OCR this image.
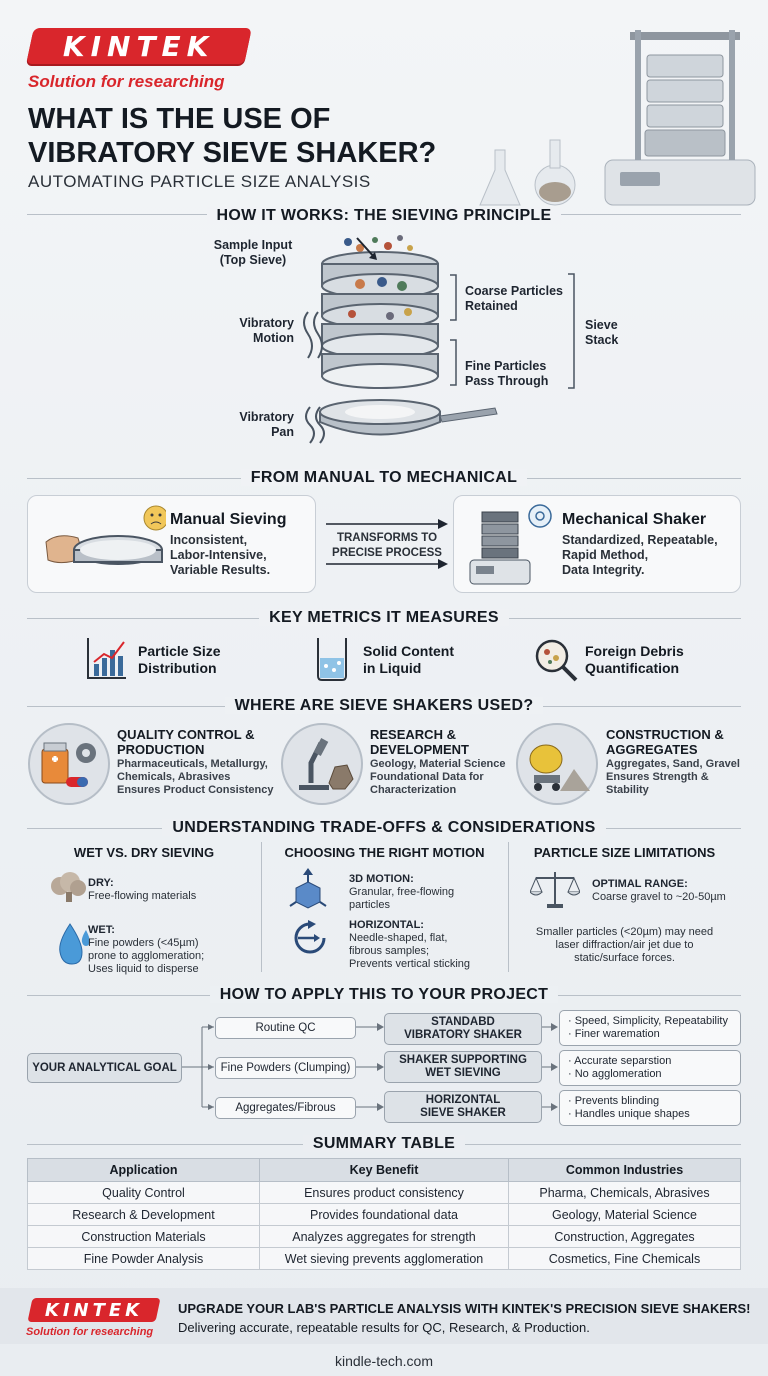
KINTEK
Solution for researching
WHAT IS THE USE OF
VIBRATORY SIEVE SHAKER?
AUTOMATING PARTICLE SIZE ANALYSIS
HOW IT WORKS: THE SIEVING PRINCIPLE
Sample Input
(Top Sieve)
Vibratory
Motion
Vibratory
Pan
Coarse Particles
Retained
Fine Particles
Pass Through
Sieve
Stack
FROM MANUAL TO MECHANICAL
Manual Sieving
Inconsistent,
Labor-Intensive,
Variable Results.
TRANSFORMS TO
PRECISE PROCESS
Mechanical Shaker
Standardized, Repeatable,
Rapid Method,
Data Integrity.
KEY METRICS IT MEASURES
Particle Size
Distribution
Solid Content
in Liquid
Foreign Debris
Quantification
WHERE ARE SIEVE SHAKERS USED?
QUALITY CONTROL &
PRODUCTION
Pharmaceuticals, Metallurgy,
Chemicals, Abrasives
Ensures Product Consistency
RESEARCH &
DEVELOPMENT
Geology, Material Science
Foundational Data for
Characterization
CONSTRUCTION &
AGGREGATES
Aggregates, Sand, Gravel
Ensures Strength &
Stability
UNDERSTANDING TRADE-OFFS & CONSIDERATIONS
WET VS. DRY SIEVING
DRY:
Free-flowing materials
WET:
Fine powders (<45µm)
prone to agglomeration;
Uses liquid to disperse
CHOOSING THE RIGHT MOTION
3D MOTION:
Granular, free-flowing
particles
HORIZONTAL:
Needle-shaped, flat,
fibrous samples;
Prevents vertical sticking
PARTICLE SIZE LIMITATIONS
OPTIMAL RANGE:
Coarse gravel to ~20-50µm
Smaller particles (<20µm) may need
laser diffraction/air jet due to
static/surface forces.
HOW TO APPLY THIS TO YOUR PROJECT
YOUR ANALYTICAL GOAL
Routine QC
Fine Powders (Clumping)
Aggregates/Fibrous
STANDABD
VIBRATORY SHAKER
SHAKER SUPPORTING
WET SIEVING
HORIZONTAL
SIEVE SHAKER
· Speed, Simplicity, Repeatability
· Finer waremation
· Accurate separstion
· No agglomeration
· Prevents blinding
· Handles unique shapes
SUMMARY TABLE
Application	Key Benefit	Common Industries
Quality Control	Ensures product consistency	Pharma, Chemicals, Abrasives
Research & Development	Provides foundational data	Geology, Material Science
Construction Materials	Analyzes aggregates for strength	Construction, Aggregates
Fine Powder Analysis	Wet sieving prevents agglomeration	Cosmetics, Fine Chemicals
KINTEK
Solution for researching
UPGRADE YOUR LAB'S PARTICLE ANALYSIS WITH KINTEK'S PRECISION SIEVE SHAKERS!
Delivering accurate, repeatable results for QC, Research, & Production.
kindle-tech.com
